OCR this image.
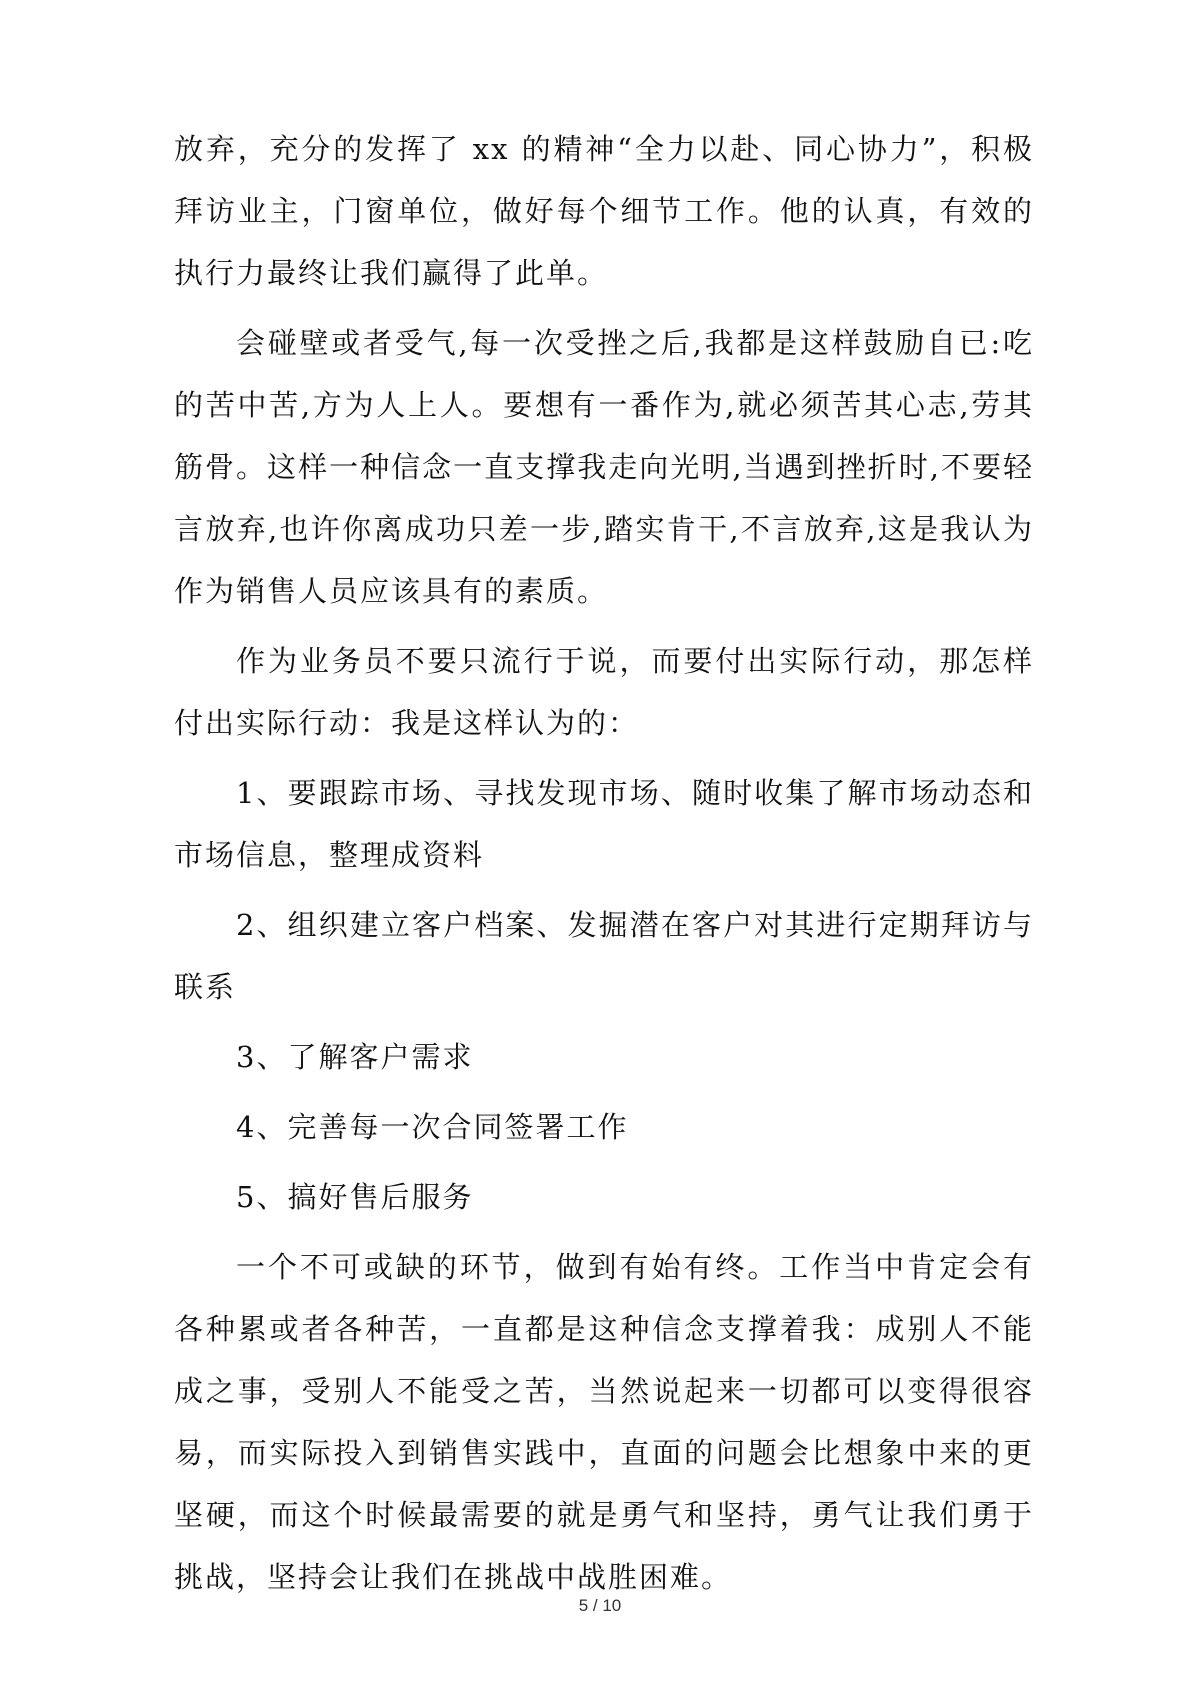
放弃，充分的发挥了 xx 的精神“全力以赴、同心协力”，积极拜访业主，门窗单位，做好每个细节工作。他的认真，有效的执行力最终让我们赢得了此单。

会碰壁或者受气,每一次受挫之后,我都是这样鼓励自已:吃的苦中苦,方为人上人。要想有一番作为,就必须苦其心志,劳其筋骨。这样一种信念一直支撑我走向光明,当遇到挫折时,不要轻言放弃,也许你离成功只差一步,踏实肯干,不言放弃,这是我认为作为销售人员应该具有的素质。

作为业务员不要只流行于说，而要付出实际行动，那怎样付出实际行动：我是这样认为的：

1、要跟踪市场、寻找发现市场、随时收集了解市场动态和市场信息，整理成资料

2、组织建立客户档案、发掘潜在客户对其进行定期拜访与联系

3、了解客户需求

4、完善每一次合同签署工作

5、搞好售后服务

一个不可或缺的环节，做到有始有终。工作当中肯定会有各种累或者各种苦，一直都是这种信念支撑着我：成别人不能成之事，受别人不能受之苦，当然说起来一切都可以变得很容易，而实际投入到销售实践中，直面的问题会比想象中来的更坚硬，而这个时候最需要的就是勇气和坚持，勇气让我们勇于挑战，坚持会让我们在挑战中战胜困难。

5 / 10
